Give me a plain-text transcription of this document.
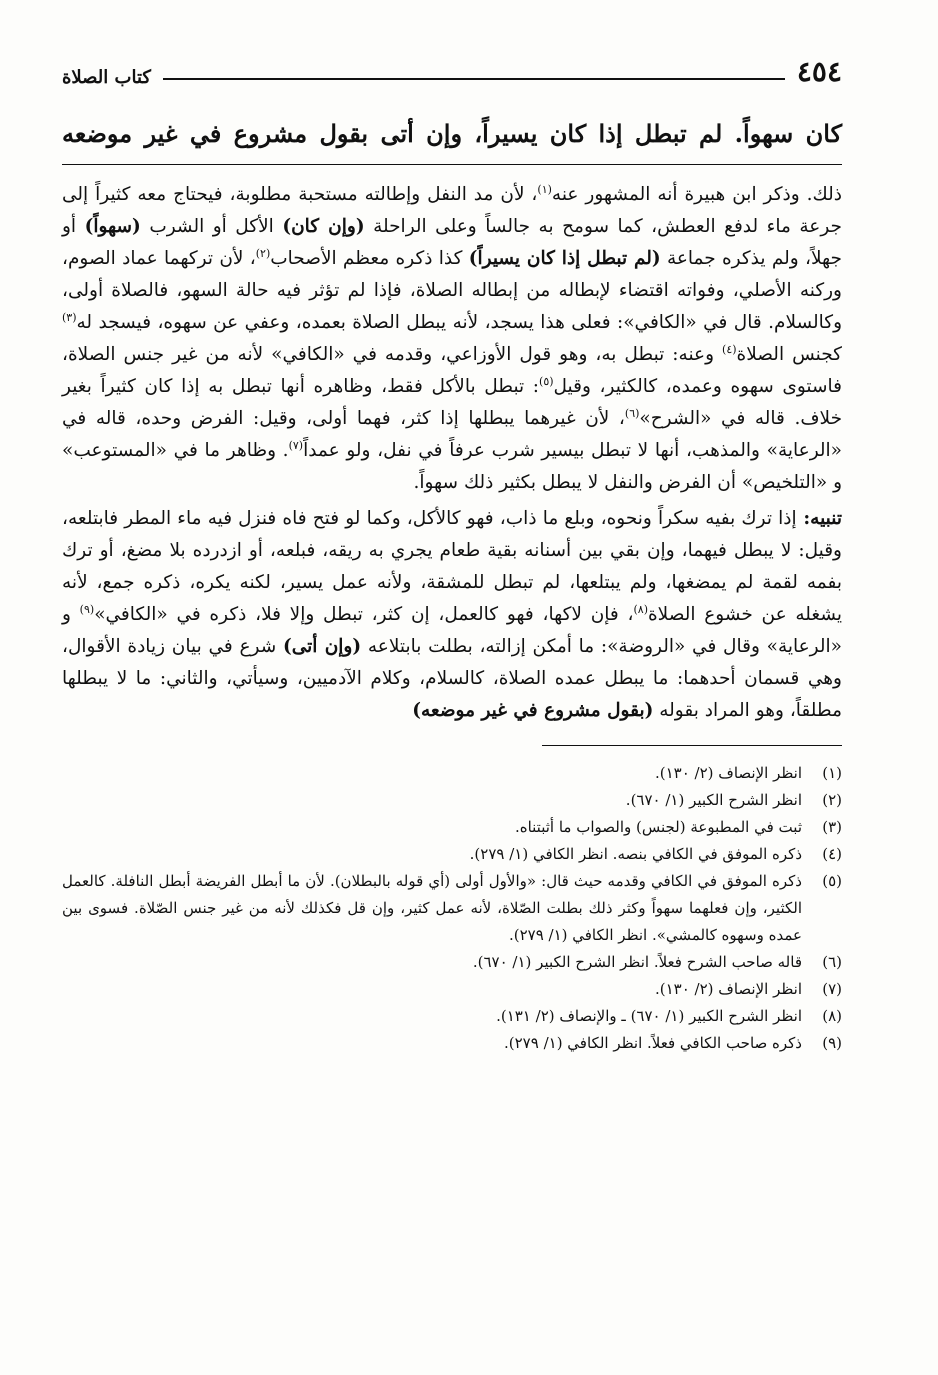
٤٥٤
كتاب الصلاة
كان سهواً. لم تبطل إذا كان يسيراً، وإن أتى بقول مشروع في غير موضعه

ذلك. وذكر ابن هبيرة أنه المشهور عنه$^{(١)}$، لأن مد النفل وإطالته مستحبة مطلوبة، فيحتاج معه كثيراً إلى جرعة ماء لدفع العطش، كما سومح به جالساً وعلى الراحلة (وإن كان) الأكل أو الشرب (سهواً) أو جهلاً، ولم يذكره جماعة (لم تبطل إذا كان يسيراً) كذا ذكره معظم الأصحاب$^{(٢)}$، لأن تركهما عماد الصوم، وركنه الأصلي، وفواته اقتضاء لإبطاله من إبطاله الصلاة، فإذا لم تؤثر فيه حالة السهو، فالصلاة أولى، وكالسلام. قال في «الكافي»: فعلى هذا يسجد، لأنه يبطل الصلاة بعمده، وعفي عن سهوه، فيسجد له$^{(٣)}$ كجنس الصلاة$^{(٤)}$ وعنه: تبطل به، وهو قول الأوزاعي، وقدمه في «الكافي» لأنه من غير جنس الصلاة، فاستوى سهوه وعمده، كالكثير، وقيل$^{(٥)}$: تبطل بالأكل فقط، وظاهره أنها تبطل به إذا كان كثيراً بغير خلاف. قاله في «الشرح»$^{(٦)}$، لأن غيرهما يبطلها إذا كثر، فهما أولى، وقيل: الفرض وحده، قاله في «الرعاية» والمذهب، أنها لا تبطل بيسير شرب عرفاً في نفل، ولو عمداً$^{(٧)}$. وظاهر ما في «المستوعب» و «التلخيص» أن الفرض والنفل لا يبطل بكثير ذلك سهواً.

تنبيه: إذا ترك بفيه سكراً ونحوه، وبلع ما ذاب، فهو كالأكل، وكما لو فتح فاه فنزل فيه ماء المطر فابتلعه، وقيل: لا يبطل فيهما، وإن بقي بين أسنانه بقية طعام يجري به ريقه، فبلعه، أو ازدرده بلا مضغ، أو ترك بفمه لقمة لم يمضغها، ولم يبتلعها، لم تبطل للمشقة، ولأنه عمل يسير، لكنه يكره، ذكره جمع، لأنه يشغله عن خشوع الصلاة$^{(٨)}$، فإن لاكها، فهو كالعمل، إن كثر، تبطل وإلا فلا، ذكره في «الكافي»$^{(٩)}$ و «الرعاية» وقال في «الروضة»: ما أمكن إزالته، بطلت بابتلاعه (وإن أتى) شرع في بيان زيادة الأقوال، وهي قسمان أحدهما: ما يبطل عمده الصلاة، كالسلام، وكلام الآدميين، وسيأتي، والثاني: ما لا يبطلها مطلقاً، وهو المراد بقوله (بقول مشروع في غير موضعه)

(١)
انظر الإنصاف (٢/ ١٣٠).
(٢)
انظر الشرح الكبير (١/ ٦٧٠).
(٣)
ثبت في المطبوعة (لجنس) والصواب ما أثبتناه.
(٤)
ذكره الموفق في الكافي بنصه. انظر الكافي (١/ ٢٧٩).
(٥)
ذكره الموفق في الكافي وقدمه حيث قال: «والأول أولى (أي قوله بالبطلان). لأن ما أبطل الفريضة أبطل النافلة. كالعمل الكثير، وإن فعلهما سهواً وكثر ذلك بطلت الصّلاة، لأنه عمل كثير، وإن قل فكذلك لأنه من غير جنس الصّلاة. فسوى بين عمده وسهوه كالمشي». انظر الكافي (١/ ٢٧٩).
(٦)
قاله صاحب الشرح فعلاً. انظر الشرح الكبير (١/ ٦٧٠).
(٧)
انظر الإنصاف (٢/ ١٣٠).
(٨)
انظر الشرح الكبير (١/ ٦٧٠) ـ والإنصاف (٢/ ١٣١).
(٩)
ذكره صاحب الكافي فعلاً. انظر الكافي (١/ ٢٧٩).
